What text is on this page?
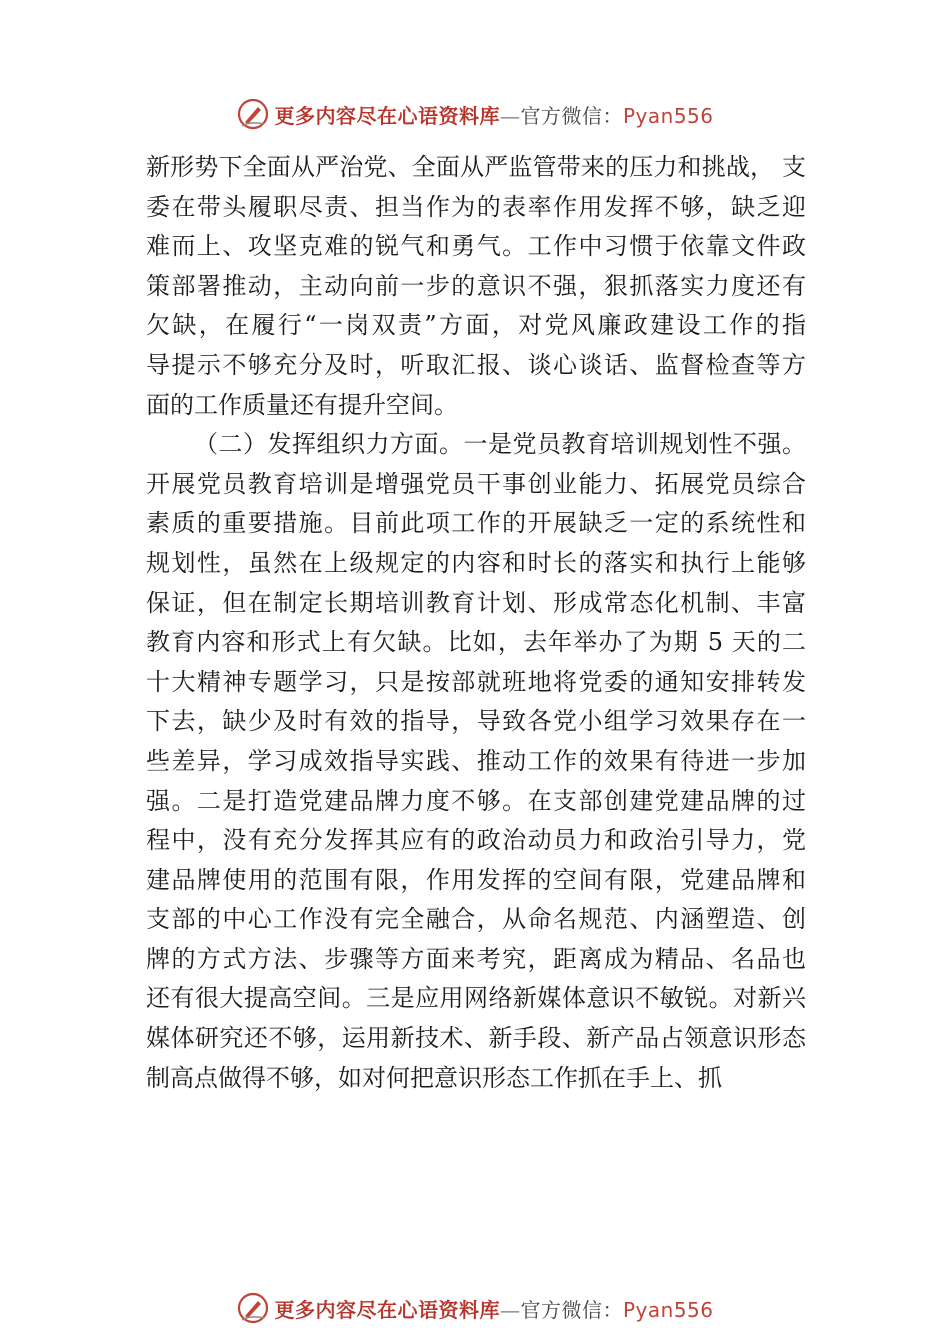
更多内容尽在心语资料库—官方微信：Pyan556
新形势下全面从严治党、全面从严监管带来的压力和挑战， 支
委在带头履职尽责、担当作为的表率作用发挥不够，缺乏迎
难而上、攻坚克难的锐气和勇气。工作中习惯于依靠文件政
策部署推动，主动向前一步的意识不强，狠抓落实力度还有
欠缺，在履行“一岗双责”方面，对党风廉政建设工作的指
导提示不够充分及时，听取汇报、谈心谈话、监督检查等方
面的工作质量还有提升空间。
（二）发挥组织力方面。一是党员教育培训规划性不强。
开展党员教育培训是增强党员干事创业能力、拓展党员综合
素质的重要措施。目前此项工作的开展缺乏一定的系统性和
规划性，虽然在上级规定的内容和时长的落实和执行上能够
保证，但在制定长期培训教育计划、形成常态化机制、丰富
教育内容和形式上有欠缺。比如，去年举办了为期 5 天的二
十大精神专题学习，只是按部就班地将党委的通知安排转发
下去，缺少及时有效的指导，导致各党小组学习效果存在一
些差异，学习成效指导实践、推动工作的效果有待进一步加
强。二是打造党建品牌力度不够。在支部创建党建品牌的过
程中，没有充分发挥其应有的政治动员力和政治引导力，党
建品牌使用的范围有限，作用发挥的空间有限，党建品牌和
支部的中心工作没有完全融合，从命名规范、内涵塑造、创
牌的方式方法、步骤等方面来考究，距离成为精品、名品也
还有很大提高空间。三是应用网络新媒体意识不敏锐。对新兴
媒体研究还不够，运用新技术、新手段、新产品占领意识形态
制高点做得不够，如对何把意识形态工作抓在手上、抓
更多内容尽在心语资料库—官方微信：Pyan556
